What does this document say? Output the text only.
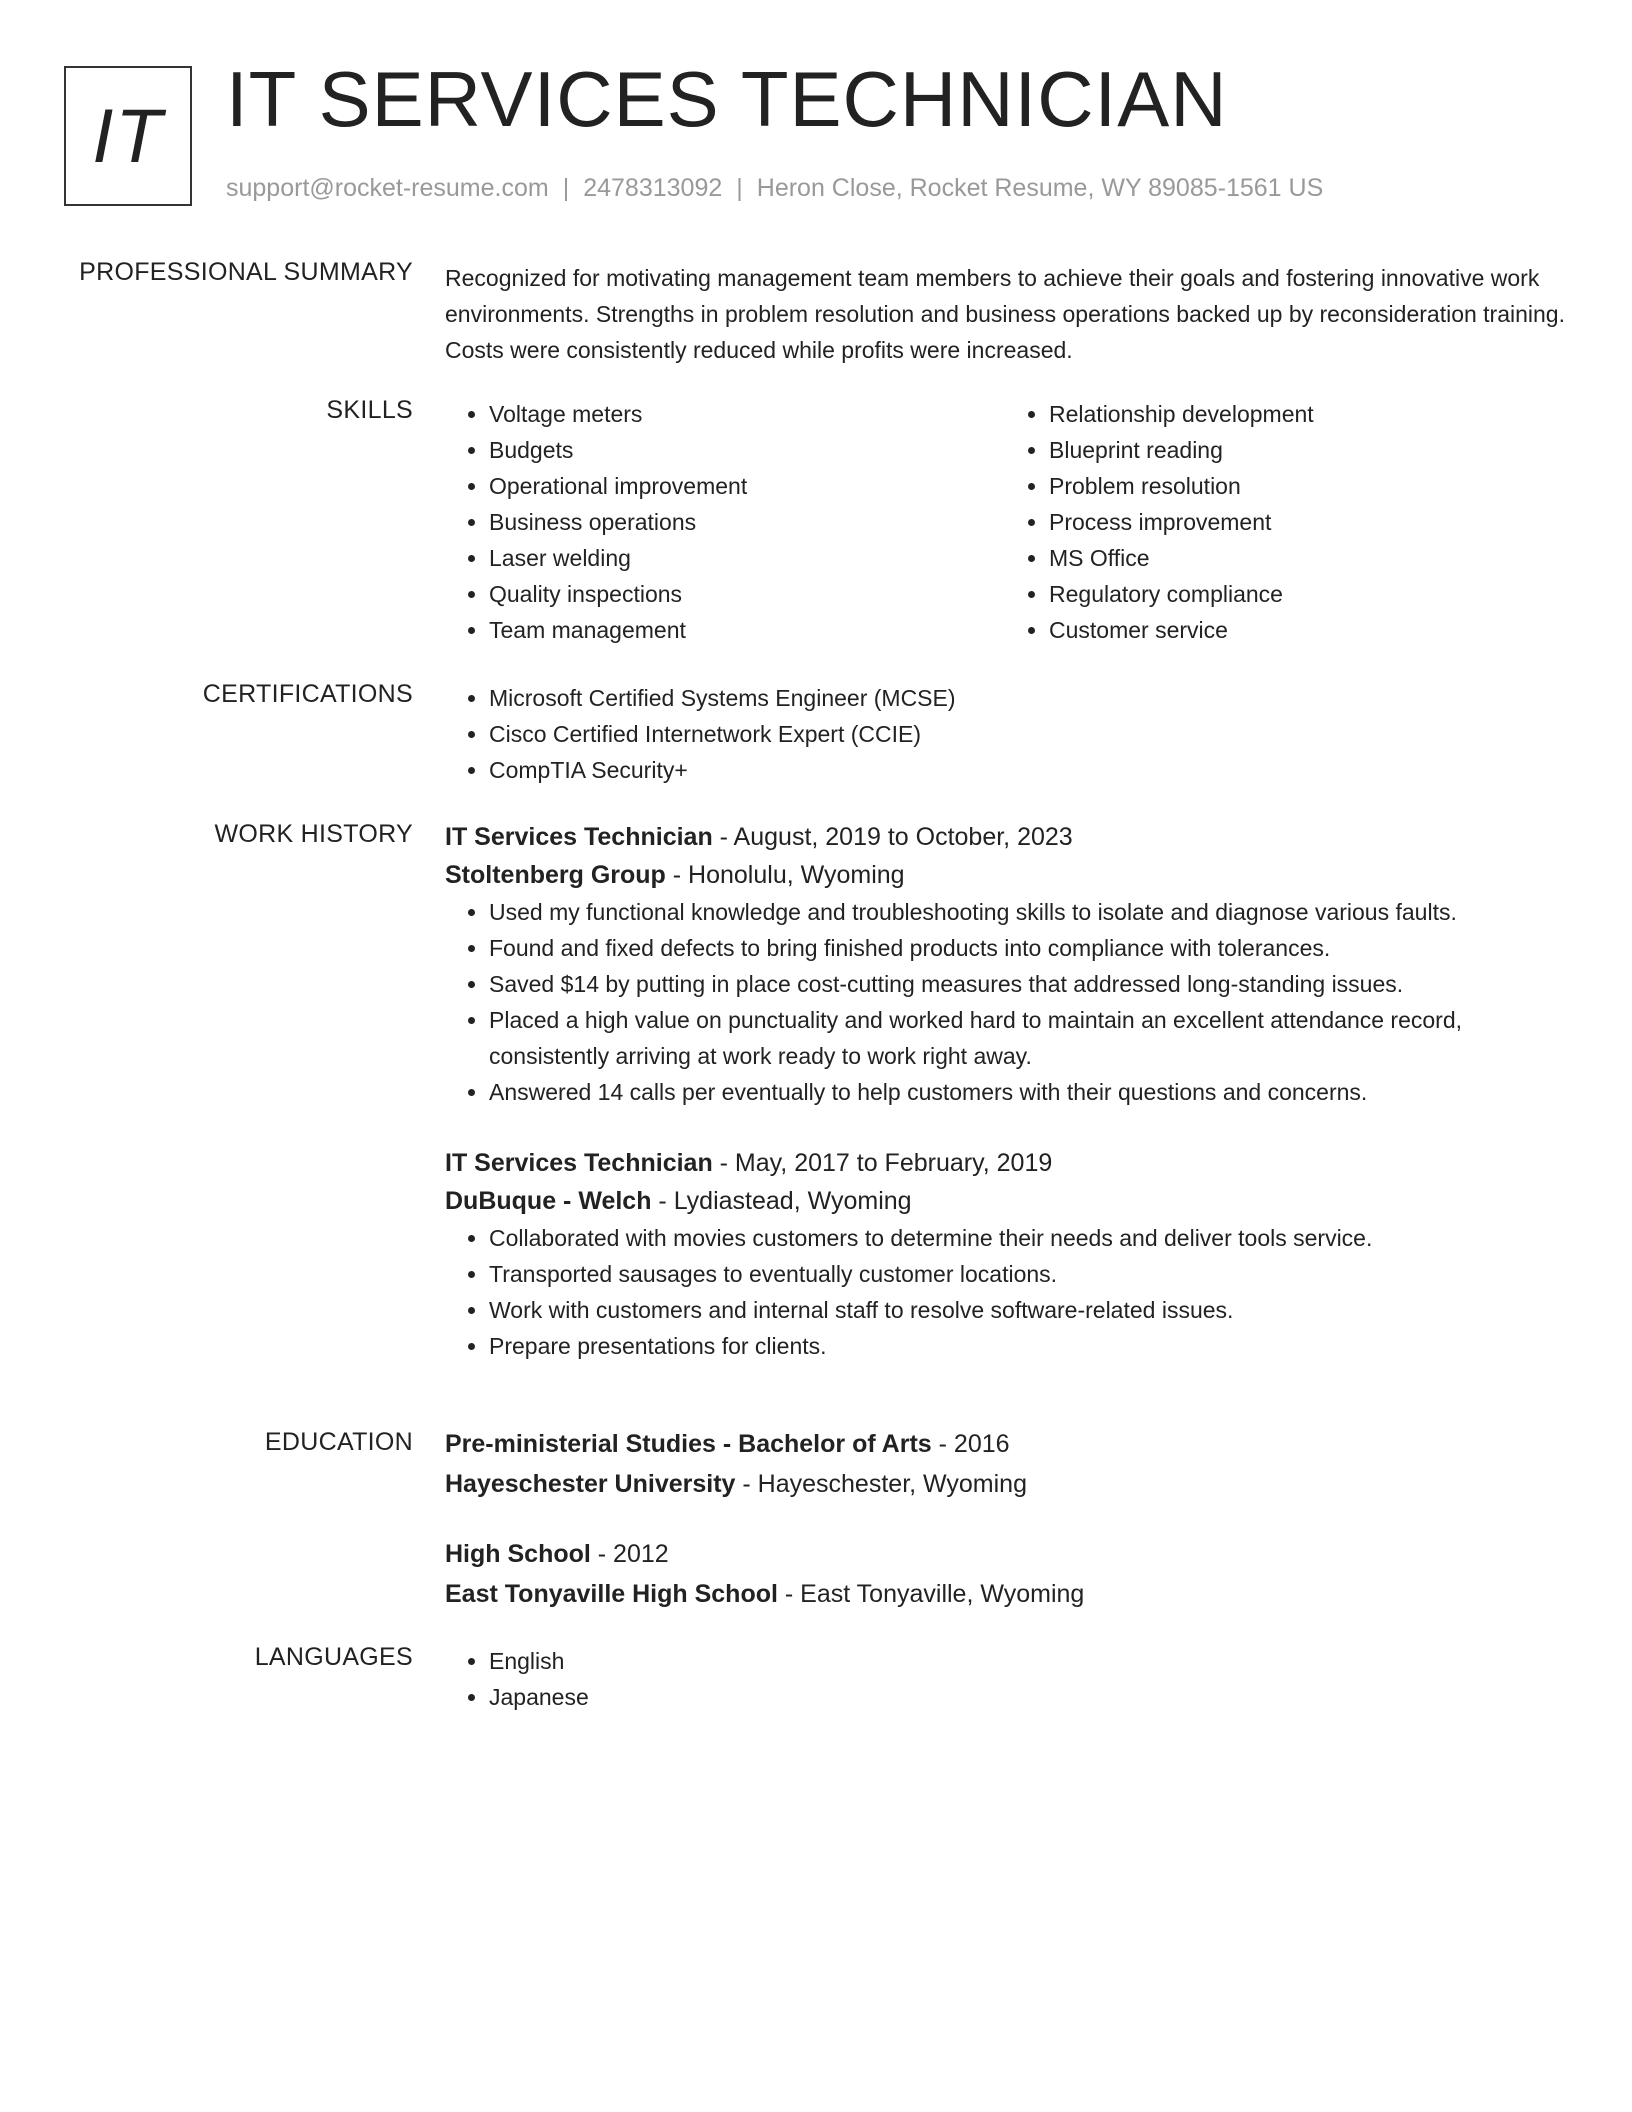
IT IT SERVICES TECHNICIAN
support@rocket-resume.com | 2478313092 | Heron Close, Rocket Resume, WY 89085-1561 US
PROFESSIONAL SUMMARY Recognized for motivating management team members to achieve their goals and fostering innovative work environments. Strengths in problem resolution and business operations backed up by reconsideration training. Costs were consistently reduced while profits were increased.
SKILLS	• Voltage meters
• Budgets
• Operational improvement
• Business operations
• Laser welding
• Quality inspections
• Team management
• Relationship development
• Blueprint reading
• Problem resolution
• Process improvement
• MS Office
• Regulatory compliance
• Customer service
CERTIFICATIONS	• Microsoft Certified Systems Engineer (MCSE)
• Cisco Certified Internetwork Expert (CCIE)
• CompTIA Security+
WORK HISTORY IT Services Technician - August, 2019 to October, 2023
Stoltenberg Group - Honolulu, Wyoming
• Used my functional knowledge and troubleshooting skills to isolate and diagnose various faults.
• Found and fixed defects to bring finished products into compliance with tolerances.
• Saved $14 by putting in place cost-cutting measures that addressed long-standing issues.
• Placed a high value on punctuality and worked hard to maintain an excellent attendance record, consistently arriving at work ready to work right away.
• Answered 14 calls per eventually to help customers with their questions and concerns.
IT Services Technician - May, 2017 to February, 2019
DuBuque - Welch - Lydiastead, Wyoming
• Collaborated with movies customers to determine their needs and deliver tools service.
• Transported sausages to eventually customer locations.
• Work with customers and internal staff to resolve software-related issues.
• Prepare presentations for clients.
EDUCATION Pre-ministerial Studies - Bachelor of Arts - 2016
Hayeschester University - Hayeschester, Wyoming
High School - 2012
East Tonyaville High School - East Tonyaville, Wyoming
LANGUAGES	• English
• Japanese
